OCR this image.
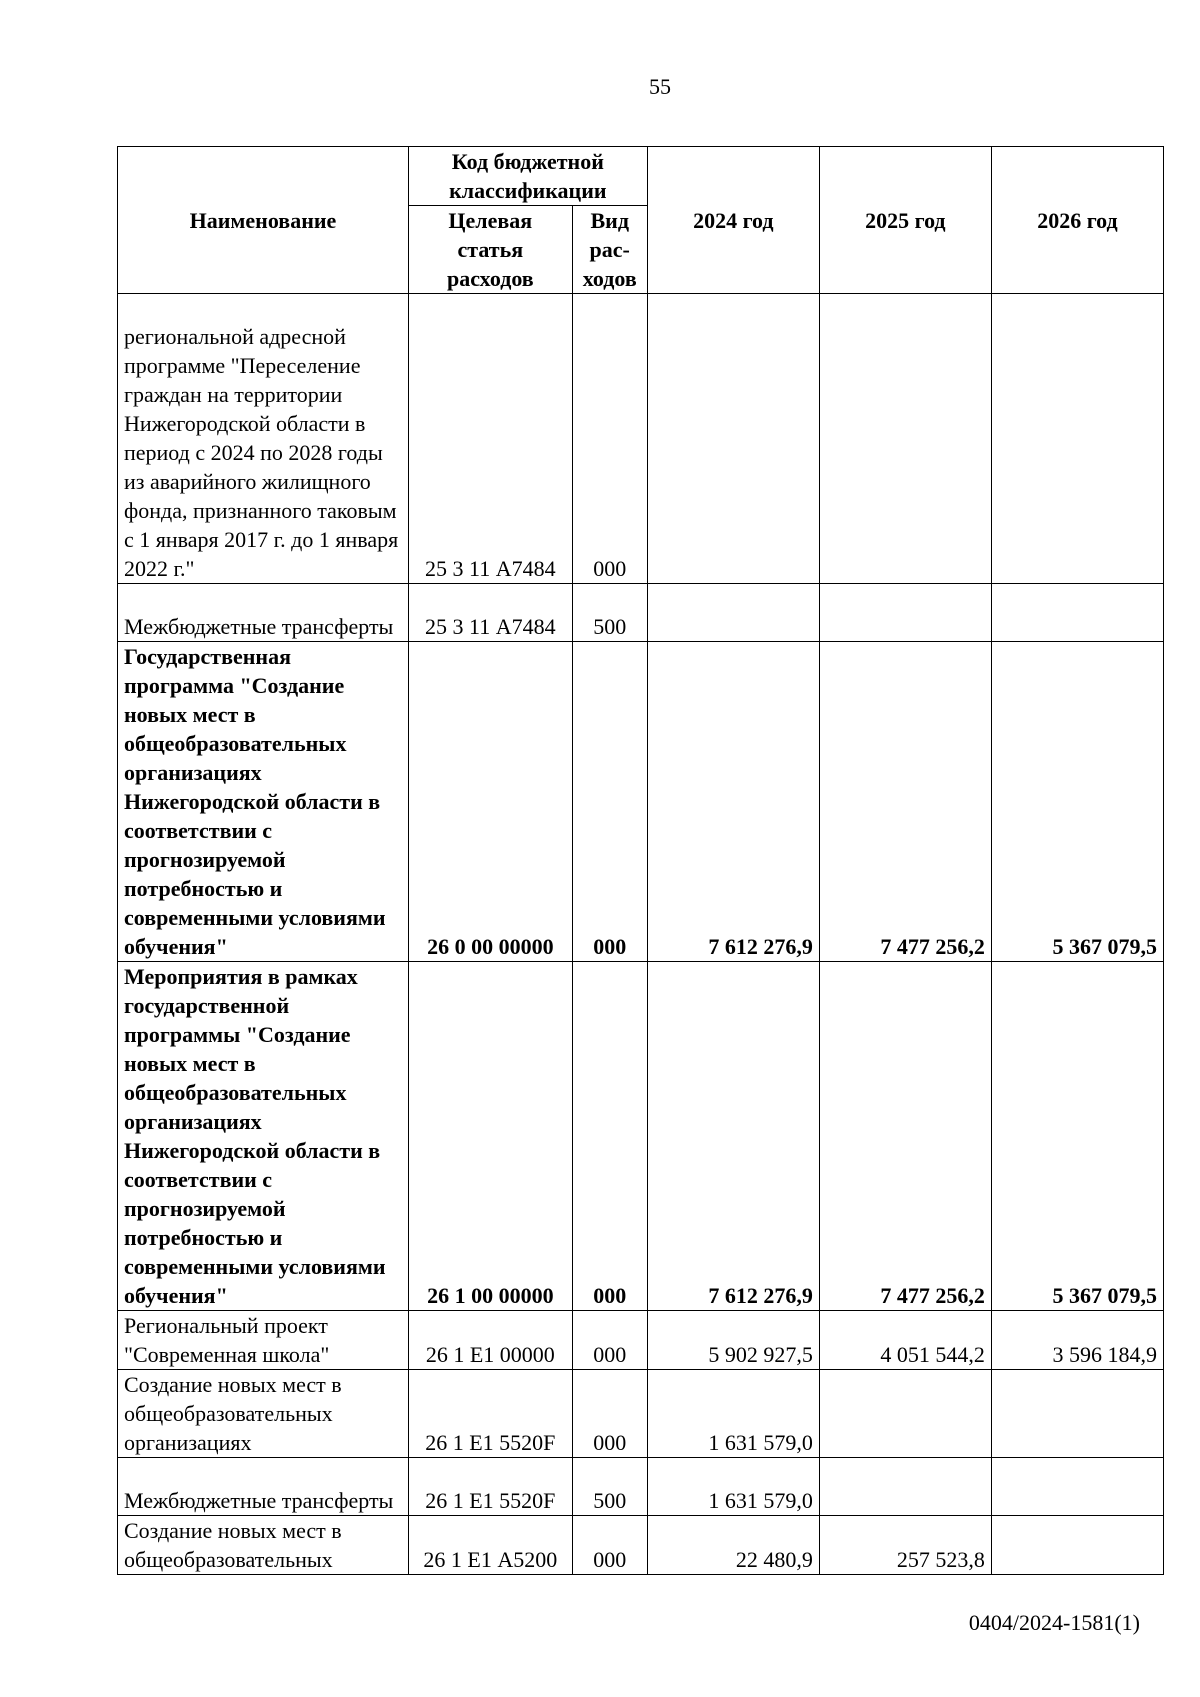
55
Наименование	Код бюджетной классификации		2024 год	2025 год	2026 год
	Целевая статья расходов	Вид рас-ходов			
региональной адресной программе "Переселение граждан на территории Нижегородской области в период с 2024 по 2028 годы из аварийного жилищного фонда, признанного таковым с 1 января 2017 г. до 1 января 2022 г."	25 3 11 А7484	000			
Межбюджетные трансферты	25 3 11 А7484	500			
Государственная программа "Создание новых мест в общеобразовательных организациях Нижегородской области в соответствии с прогнозируемой потребностью и современными условиями обучения"	26 0 00 00000	000	7 612 276,9	7 477 256,2	5 367 079,5
Мероприятия в рамках государственной программы "Создание новых мест в общеобразовательных организациях Нижегородской области в соответствии с прогнозируемой потребностью и современными условиями обучения"	26 1 00 00000	000	7 612 276,9	7 477 256,2	5 367 079,5
Региональный проект "Современная школа"	26 1 Е1 00000	000	5 902 927,5	4 051 544,2	3 596 184,9
Создание новых мест в общеобразовательных организациях	26 1 Е1 5520F	000	1 631 579,0		
Межбюджетные трансферты	26 1 Е1 5520F	500	1 631 579,0		
Создание новых мест в общеобразовательных	26 1 Е1 А5200	000	22 480,9	257 523,8	
0404/2024-1581(1)
